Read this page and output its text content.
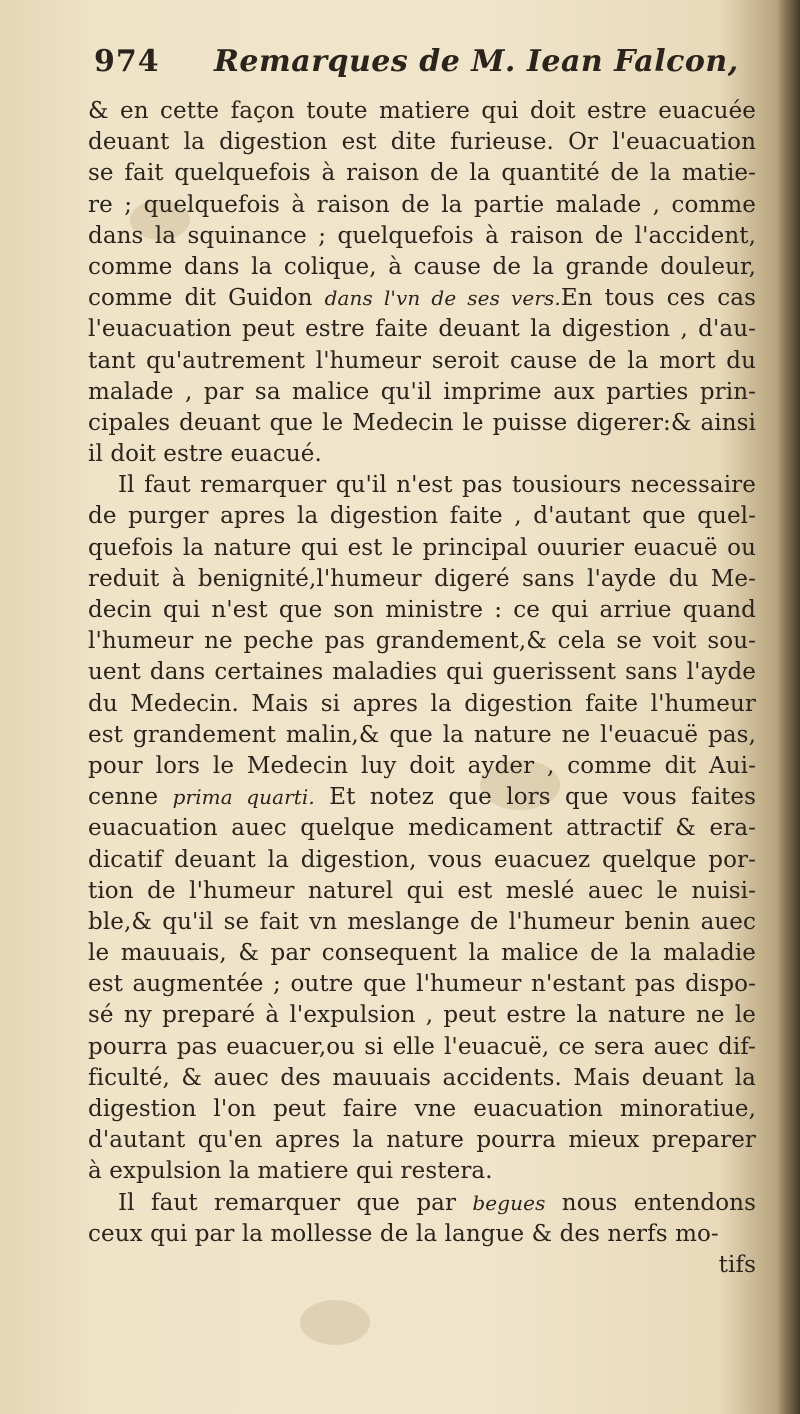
974	Remarques de M. Iean Falcon,
& en cette façon toute matiere qui doit estre euacuée
deuant la digestion est dite furieuse. Or l'euacuation
se fait quelquefois à raison de la quantité de la matie-
re ; quelquefois à raison de la partie malade , comme
dans la squinance ; quelquefois à raison de l'accident,
comme dans la colique, à cause de la grande douleur,
comme dit Guidon dans l'vn de ses vers.En tous ces cas
l'euacuation peut estre faite deuant la digestion , d'au-
tant qu'autrement l'humeur seroit cause de la mort du
malade , par sa malice qu'il imprime aux parties prin-
cipales deuant que le Medecin le puisse digerer:& ainsi
il doit estre euacué.
Il faut remarquer qu'il n'est pas tousiours necessaire
de purger apres la digestion faite , d'autant que quel-
quefois la nature qui est le principal ouurier euacuë ou
reduit à benignité,l'humeur digeré sans l'ayde du Me-
decin qui n'est que son ministre : ce qui arriue quand
l'humeur ne peche pas grandement,& cela se voit sou-
uent dans certaines maladies qui guerissent sans l'ayde
du Medecin. Mais si apres la digestion faite l'humeur
est grandement malin,& que la nature ne l'euacuë pas,
pour lors le Medecin luy doit ayder , comme dit Aui-
cenne prima quarti. Et notez que lors que vous faites
euacuation auec quelque medicament attractif & era-
dicatif deuant la digestion, vous euacuez quelque por-
tion de l'humeur naturel qui est meslé auec le nuisi-
ble,& qu'il se fait vn meslange de l'humeur benin auec
le mauuais, & par consequent la malice de la maladie
est augmentée ; outre que l'humeur n'estant pas dispo-
sé ny preparé à l'expulsion , peut estre la nature ne le
pourra pas euacuer,ou si elle l'euacuë, ce sera auec dif-
ficulté, & auec des mauuais accidents. Mais deuant la
digestion l'on peut faire vne euacuation minoratiue,
d'autant qu'en apres la nature pourra mieux preparer
à expulsion la matiere qui restera.
Il faut remarquer que par begues nous entendons
ceux qui par la mollesse de la langue & des nerfs mo-
tifs
